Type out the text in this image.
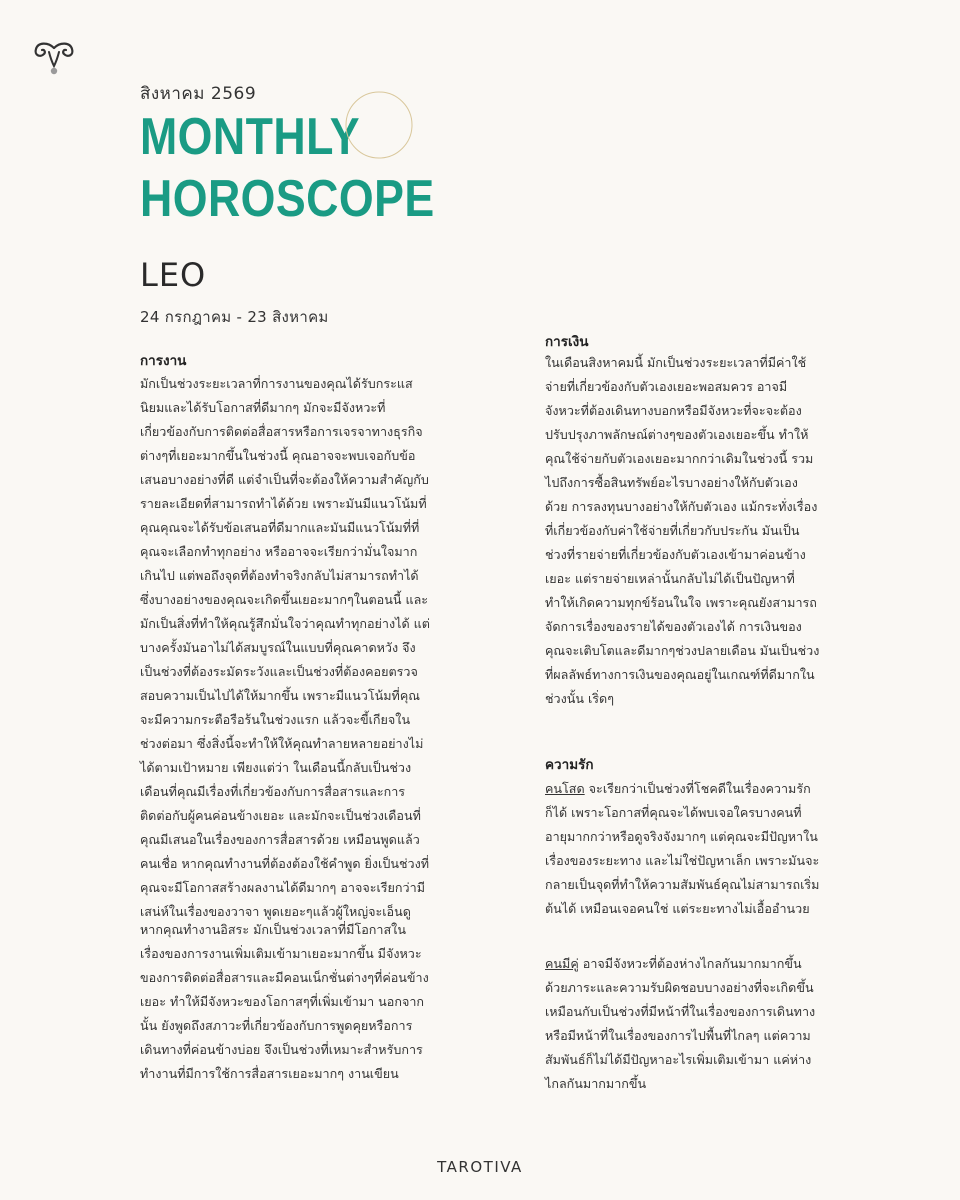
สิงหาคม 2569
MONTHLY
HOROSCOPE
LEO
24 กรกฎาคม - 23 สิงหาคม
การงาน

มักเป็นช่วงระยะเวลาที่การงานของคุณได้รับกระแสนิยมและได้รับโอกาสที่ดีมากๆ มักจะมีจังหวะที่เกี่ยวข้องกับการติดต่อสื่อสารหรือการเจรจาทางธุรกิจต่างๆที่เยอะมากขึ้นในช่วงนี้ คุณอาจจะพบเจอกับข้อเสนอบางอย่างที่ดี แต่จำเป็นที่จะต้องให้ความสำคัญกับรายละเอียดที่สามารถทำได้ด้วย เพราะมันมีแนวโน้มที่คุณคุณจะได้รับข้อเสนอที่ดีมากและมันมีแนวโน้มที่ที่คุณจะเลือกทำทุกอย่าง หรืออาจจะเรียกว่ามั่นใจมากเกินไป แต่พอถึงจุดที่ต้องทำจริงกลับไม่สามารถทำได้ ซึ่งบางอย่างของคุณจะเกิดขึ้นเยอะมากๆในตอนนี้ และมักเป็นสิ่งที่ทำให้คุณรู้สึกมั่นใจว่าคุณทำทุกอย่างได้ แต่บางครั้งมันอาไม่ได้สมบูรณ์ในแบบที่คุณคาดหวัง จึงเป็นช่วงที่ต้องระมัดระวังและเป็นช่วงที่ต้องคอยตรวจสอบความเป็นไปได้ให้มากขึ้น เพราะมีแนวโน้มที่คุณจะมีความกระตือรือร้นในช่วงแรก แล้วจะขี้เกียจในช่วงต่อมา ซึ่งสิ่งนี้จะทำให้ให้คุณทำลายหลายอย่างไม่ได้ตามเป้าหมาย เพียงแต่ว่า ในเดือนนี้กลับเป็นช่วงเดือนที่คุณมีเรื่องที่เกี่ยวข้องกับการสื่อสารและการติดต่อกับผู้คนค่อนข้างเยอะ และมักจะเป็นช่วงเดือนที่คุณมีเสนอในเรื่องของการสื่อสารด้วย เหมือนพูดแล้วคนเชื่อ หากคุณทำงานที่ต้องต้องใช้คำพูด ยิ่งเป็นช่วงที่คุณจะมีโอกาสสร้างผลงานได้ดีมากๆ อาจจะเรียกว่ามีเสน่ห์ในเรื่องของวาจา พูดเยอะๆแล้วผู้ใหญ่จะเอ็นดู

หากคุณทำงานอิสระ มักเป็นช่วงเวลาที่มีโอกาสในเรื่องของการงานเพิ่มเติมเข้ามาเยอะมากขึ้น มีจังหวะของการติดต่อสื่อสารและมีคอนเน็กชั่นต่างๆที่ค่อนข้างเยอะ ทำให้มีจังหวะของโอกาสๆที่เพิ่มเข้ามา นอกจากนั้น ยังพูดถึงสภาวะที่เกี่ยวข้องกับการพูดคุยหรือการเดินทางที่ค่อนข้างบ่อย จึงเป็นช่วงที่เหมาะสำหรับการทำงานที่มีการใช้การสื่อสารเยอะมากๆ งานเขียน

การเงิน

ในเดือนสิงหาคมนี้ มักเป็นช่วงระยะเวลาที่มีค่าใช้จ่ายที่เกี่ยวข้องกับตัวเองเยอะพอสมควร อาจมีจังหวะที่ต้องเดินทางบอกหรือมีจังหวะที่จะจะต้องปรับปรุงภาพลักษณ์ต่างๆของตัวเองเยอะขึ้น ทำให้คุณใช้จ่ายกับตัวเองเยอะมากกว่าเดิมในช่วงนี้ รวมไปถึงการซื้อสินทรัพย์อะไรบางอย่างให้กับตัวเองด้วย การลงทุนบางอย่างให้กับตัวเอง แม้กระทั่งเรื่องที่เกี่ยวข้องกับค่าใช้จ่ายที่เกี่ยวกับประกัน มันเป็นช่วงที่รายจ่ายที่เกี่ยวข้องกับตัวเองเข้ามาค่อนข้างเยอะ แต่รายจ่ายเหล่านั้นกลับไม่ได้เป็นปัญหาที่ทำให้เกิดความทุกข์ร้อนในใจ เพราะคุณยังสามารถจัดการเรื่องของรายได้ของตัวเองได้ การเงินของคุณจะเติบโตและดีมากๆช่วงปลายเดือน มันเป็นช่วงที่ผลลัพธ์ทางการเงินของคุณอยู่ในเกณฑ์ที่ดีมากในช่วงนั้น เริ่ดๆ

ความรัก

คนโสด จะเรียกว่าเป็นช่วงที่โชคดีในเรื่องความรักก็ได้ เพราะโอกาสที่คุณจะได้พบเจอใครบางคนที่อายุมากกว่าหรือดูจริงจังมากๆ แต่คุณจะมีปัญหาในเรื่องของระยะทาง และไม่ใช่ปัญหาเล็ก เพราะมันจะกลายเป็นจุดที่ทำให้ความสัมพันธ์คุณไม่สามารถเริ่มต้นได้ เหมือนเจอคนใช่ แต่ระยะทางไม่เอื้ออำนวย

คนมีคู่ อาจมีจังหวะที่ต้องห่างไกลกันมากมากขึ้นด้วยภาระและความรับผิดชอบบางอย่างที่จะเกิดขึ้น เหมือนกับเป็นช่วงที่มีหน้าที่ในเรื่องของการเดินทางหรือมีหน้าที่ในเรื่องของการไปพื้นที่ไกลๆ แต่ความสัมพันธ์ก็ไม่ได้มีปัญหาอะไรเพิ่มเติมเข้ามา แค่ห่างไกลกันมากมากขึ้น

TAROTIVA
